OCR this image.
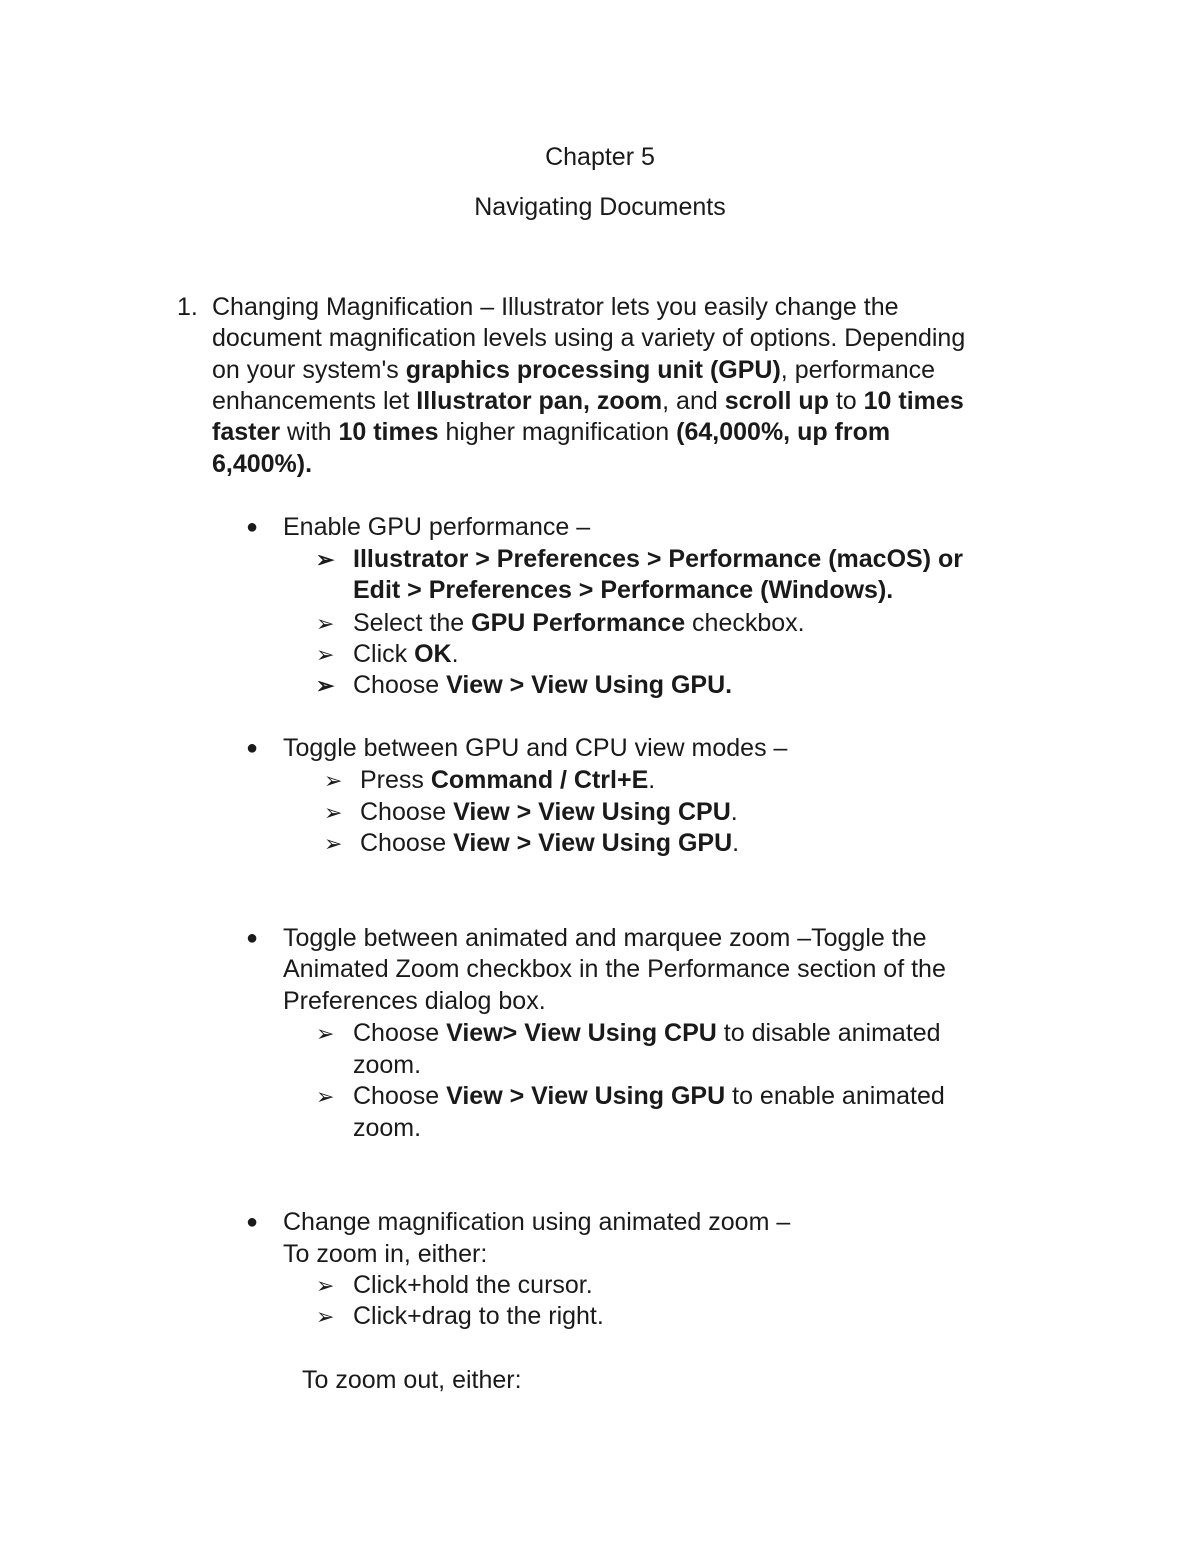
Chapter 5
Navigating Documents
1. Changing Magnification – Illustrator lets you easily change the
document magnification levels using a variety of options. Depending
on your system's graphics processing unit (GPU), performance
enhancements let Illustrator pan, zoom, and scroll up to 10 times
faster with 10 times higher magnification (64,000%, up from
6,400%).
● Enable GPU performance –
➢ Illustrator > Preferences > Performance (macOS) or
Edit > Preferences > Performance (Windows).
➢ Select the GPU Performance checkbox.
➢ Click OK.
➢ Choose View > View Using GPU.
● Toggle between GPU and CPU view modes –
➢ Press Command / Ctrl+E.
➢ Choose View > View Using CPU.
➢ Choose View > View Using GPU.
● Toggle between animated and marquee zoom –Toggle the
Animated Zoom checkbox in the Performance section of the
Preferences dialog box.
➢ Choose View> View Using CPU to disable animated
zoom.
➢ Choose View > View Using GPU to enable animated
zoom.
● Change magnification using animated zoom –
To zoom in, either:
➢ Click+hold the cursor.
➢ Click+drag to the right.
To zoom out, either:
